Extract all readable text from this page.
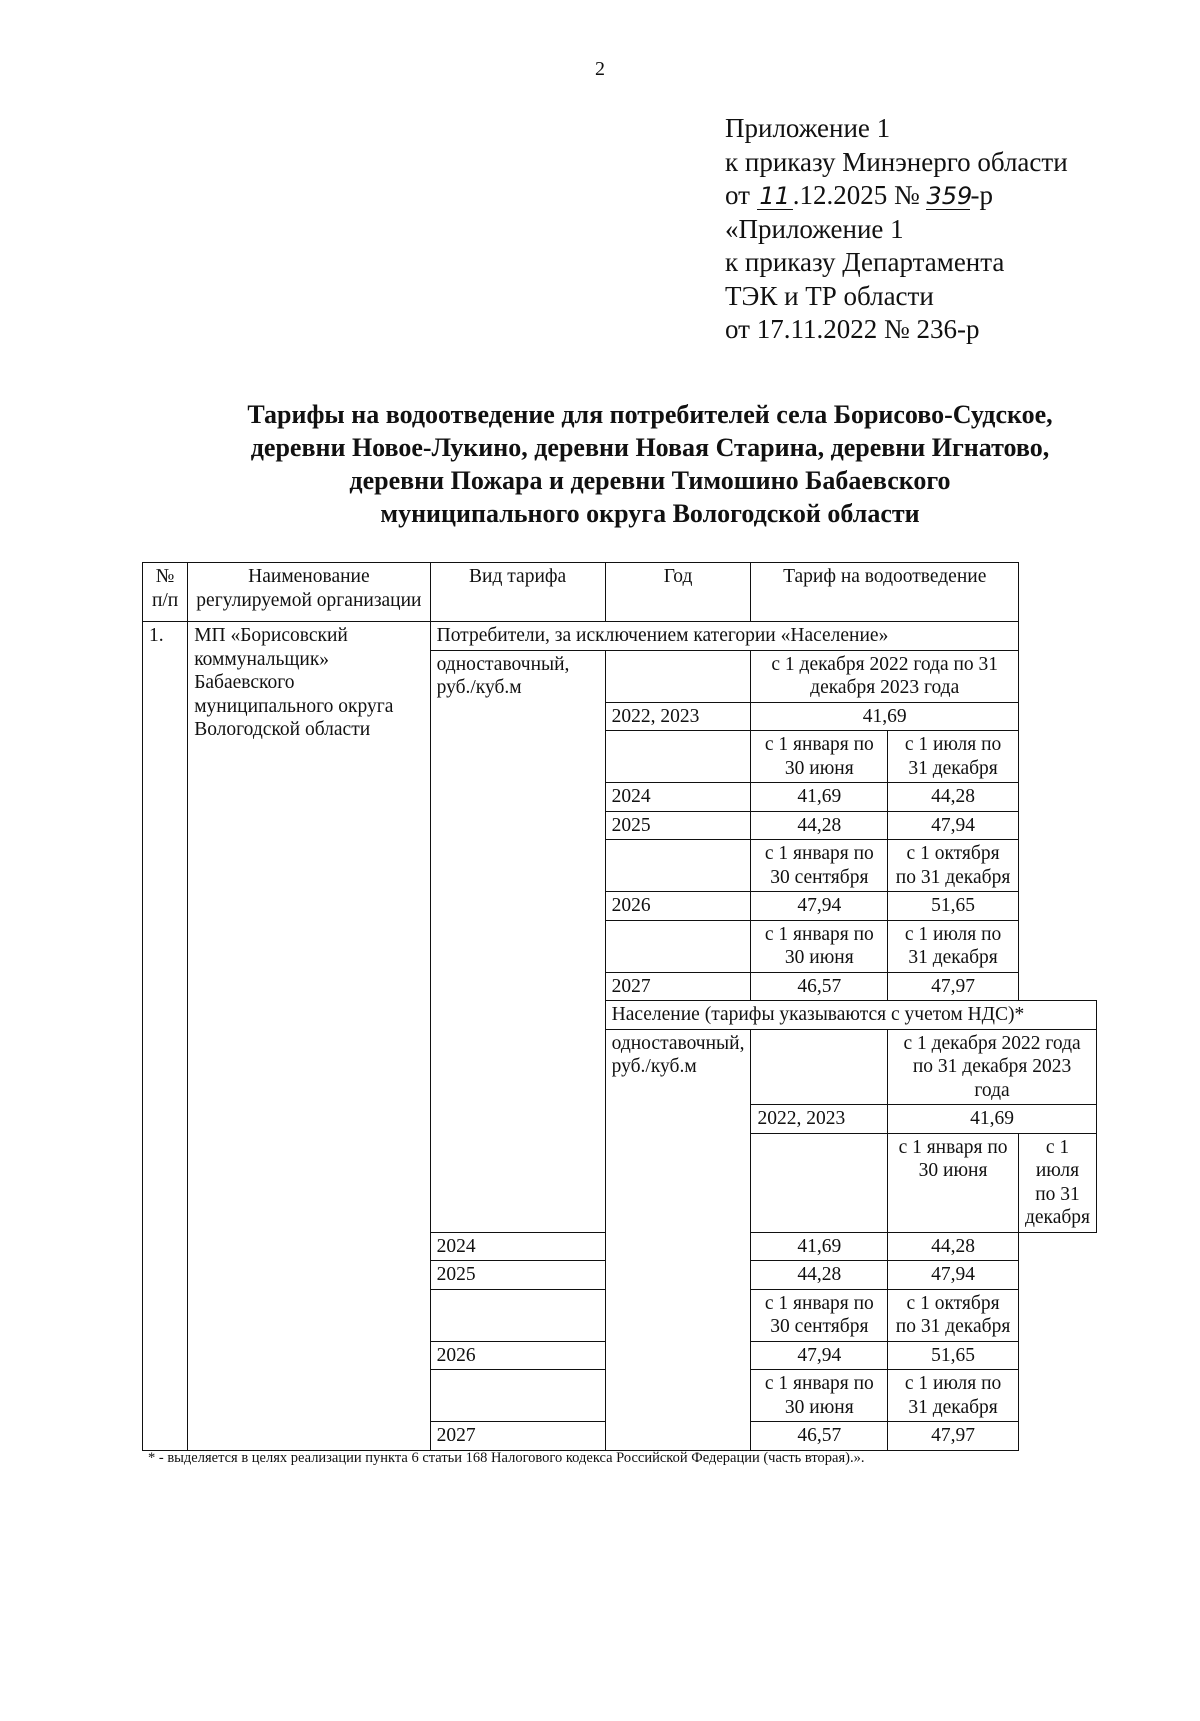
2
Приложение 1
к приказу Минэнерго области
от 11 .12.2025 № 359-р
«Приложение 1
к приказу Департамента
ТЭК и ТР области
от 17.11.2022 № 236-р
Тарифы на водоотведение для потребителей села Борисово-Судское,
деревни Новое-Лукино, деревни Новая Старина, деревни Игнатово,
деревни Пожара и деревни Тимошино Бабаевского
муниципального округа Вологодской области
№ п/п	Наименование регулируемой организации	Вид тарифа	Год	Тариф на водоотведение		
1.	МП «Борисовский коммунальщик» Бабаевского муниципального округа Вологодской области	Потребители, за исключением категории «Население»				
		одноставочный, руб./куб.м		с 1 декабря 2022 года по 31 декабря 2023 года		
			2022, 2023	41,69		
				с 1 января по 30 июня	с 1 июля по 31 декабря	
			2024	41,69	44,28	
			2025	44,28	47,94	
				с 1 января по 30 сентября	с 1 октября по 31 декабря	
			2026	47,94	51,65	
				с 1 января по 30 июня	с 1 июля по 31 декабря	
			2027	46,57	47,97	
			Население (тарифы указываются с учетом НДС)*			
			одноставочный, руб./куб.м		с 1 декабря 2022 года по 31 декабря 2023 года	
				2022, 2023	41,69	
					с 1 января по 30 июня	с 1 июля по 31 декабря
		2024		41,69	44,28	
		2025		44,28	47,94	
				с 1 января по 30 сентября	с 1 октября по 31 декабря	
		2026		47,94	51,65	
				с 1 января по 30 июня	с 1 июля по 31 декабря	
		2027		46,57	47,97	
* - выделяется в целях реализации пункта 6 статьи 168 Налогового кодекса Российской Федерации (часть вторая).».
